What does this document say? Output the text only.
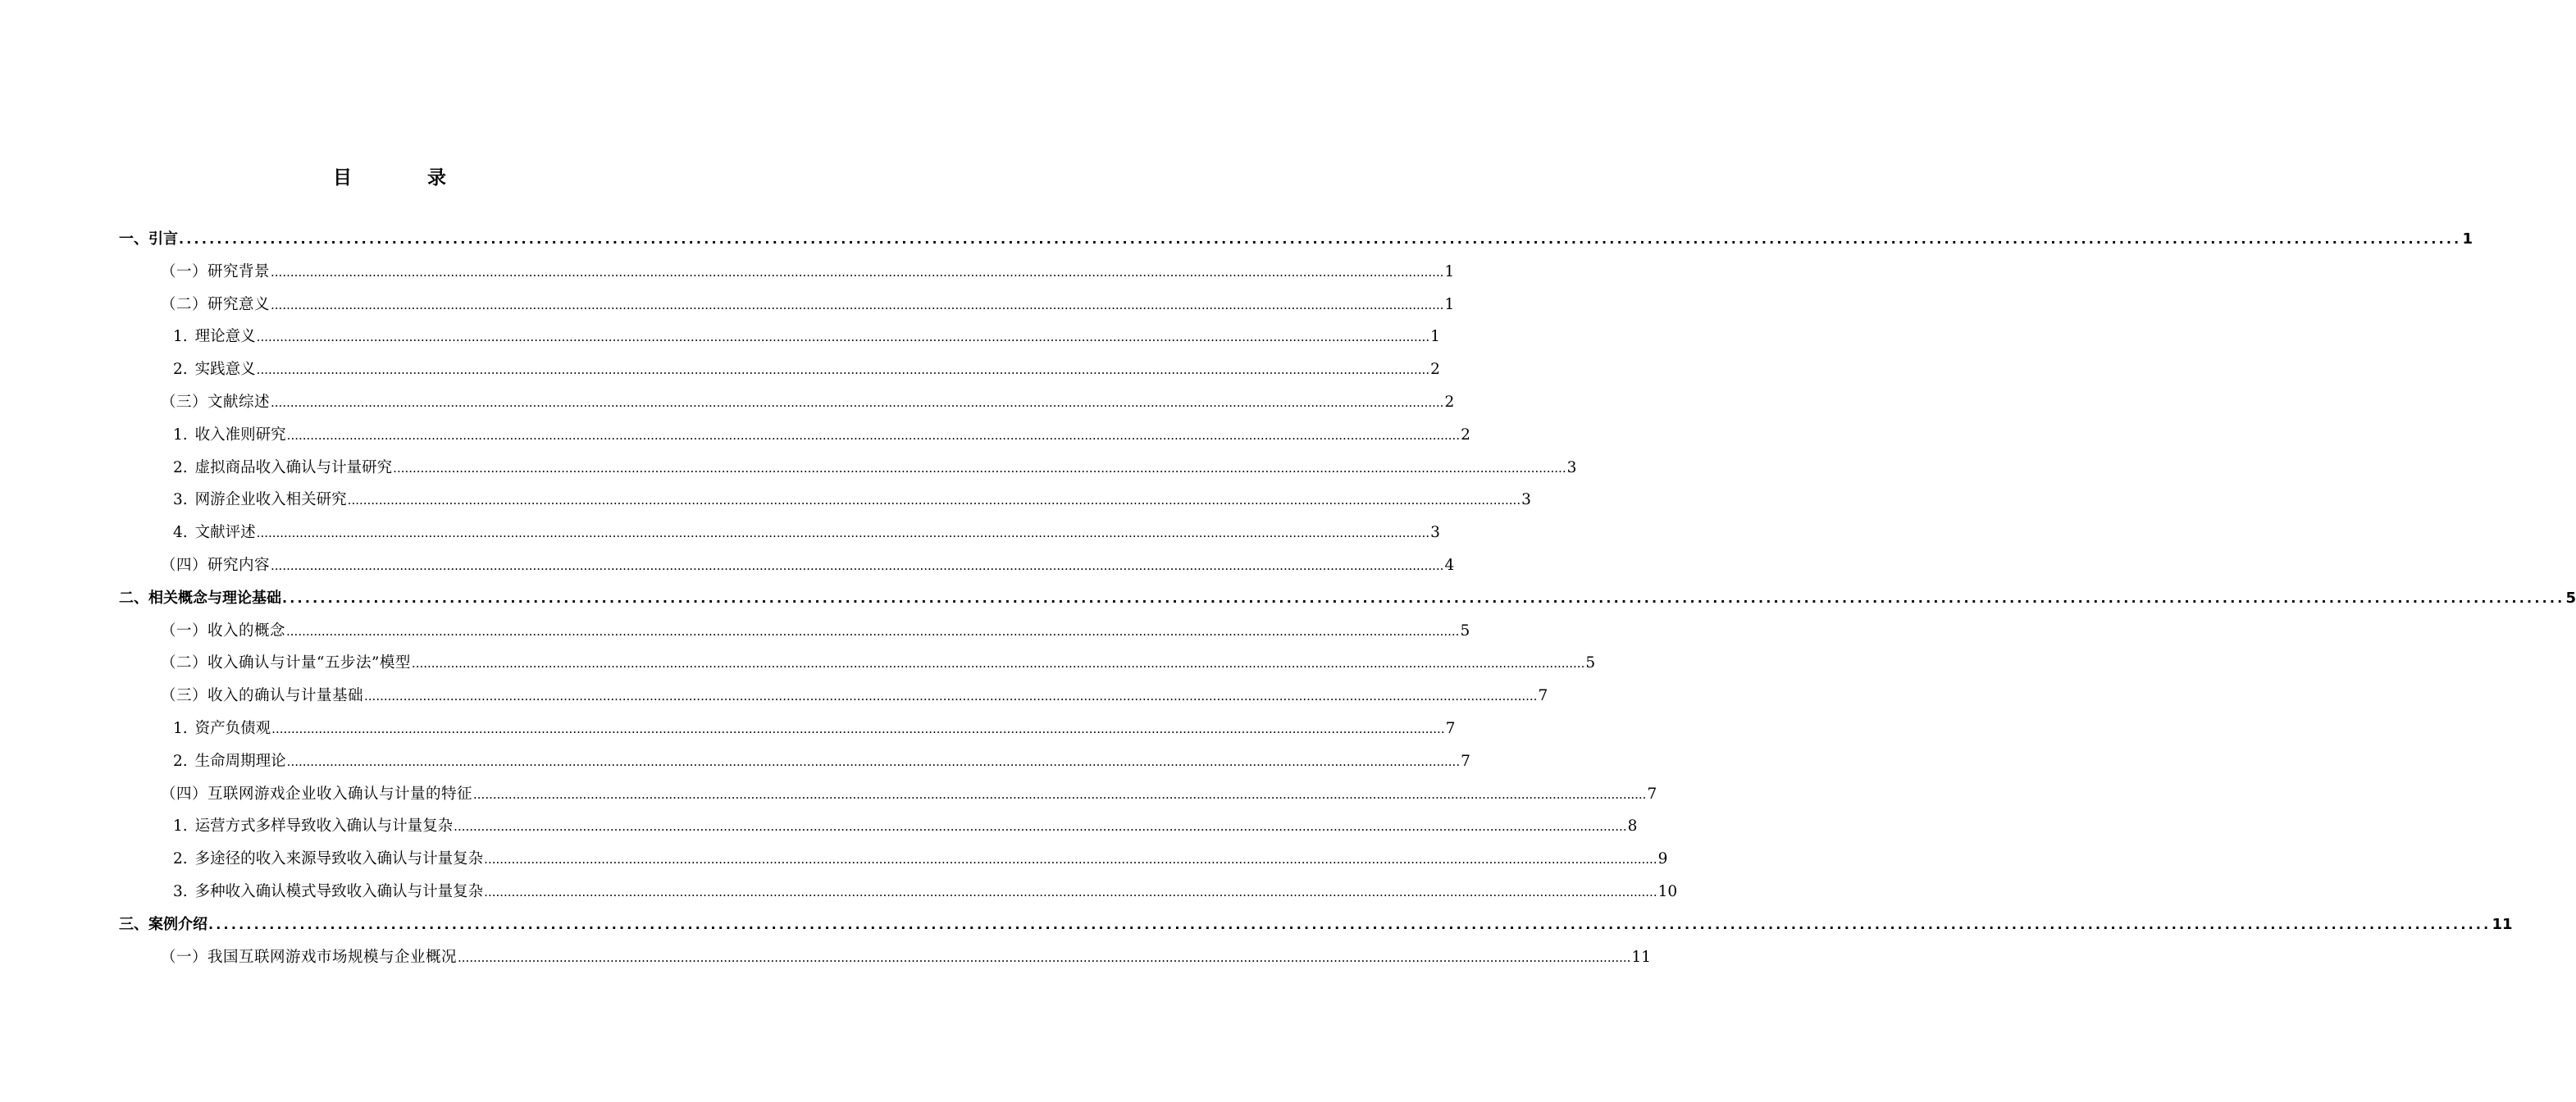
目	录
一、引言 ............................................................................................................................................................................................................................................................................................................ 1
（一）研究背景 ............................................................................................................................................................................................................................................................................................................ 1
（二）研究意义 ............................................................................................................................................................................................................................................................................................................ 1
1. 理论意义 ............................................................................................................................................................................................................................................................................................................ 1
2. 实践意义 ............................................................................................................................................................................................................................................................................................................ 2
（三）文献综述 ............................................................................................................................................................................................................................................................................................................ 2
1. 收入准则研究 ............................................................................................................................................................................................................................................................................................................ 2
2. 虚拟商品收入确认与计量研究 ............................................................................................................................................................................................................................................................................................................ 3
3. 网游企业收入相关研究 ............................................................................................................................................................................................................................................................................................................ 3
4. 文献评述 ............................................................................................................................................................................................................................................................................................................ 3
（四）研究内容 ............................................................................................................................................................................................................................................................................................................ 4
二、相关概念与理论基础 ............................................................................................................................................................................................................................................................................................................ 5
（一）收入的概念 ............................................................................................................................................................................................................................................................................................................ 5
（二）收入确认与计量“五步法”模型 ............................................................................................................................................................................................................................................................................................................ 5
（三）收入的确认与计量基础 ............................................................................................................................................................................................................................................................................................................ 7
1. 资产负债观 ............................................................................................................................................................................................................................................................................................................ 7
2. 生命周期理论 ............................................................................................................................................................................................................................................................................................................ 7
（四）互联网游戏企业收入确认与计量的特征 ............................................................................................................................................................................................................................................................................................................ 7
1. 运营方式多样导致收入确认与计量复杂 ............................................................................................................................................................................................................................................................................................................ 8
2. 多途径的收入来源导致收入确认与计量复杂 ............................................................................................................................................................................................................................................................................................................ 9
3. 多种收入确认模式导致收入确认与计量复杂 ............................................................................................................................................................................................................................................................................................................ 10
三、案例介绍 ............................................................................................................................................................................................................................................................................................................ 11
（一）我国互联网游戏市场规模与企业概况 ............................................................................................................................................................................................................................................................................................................ 11
